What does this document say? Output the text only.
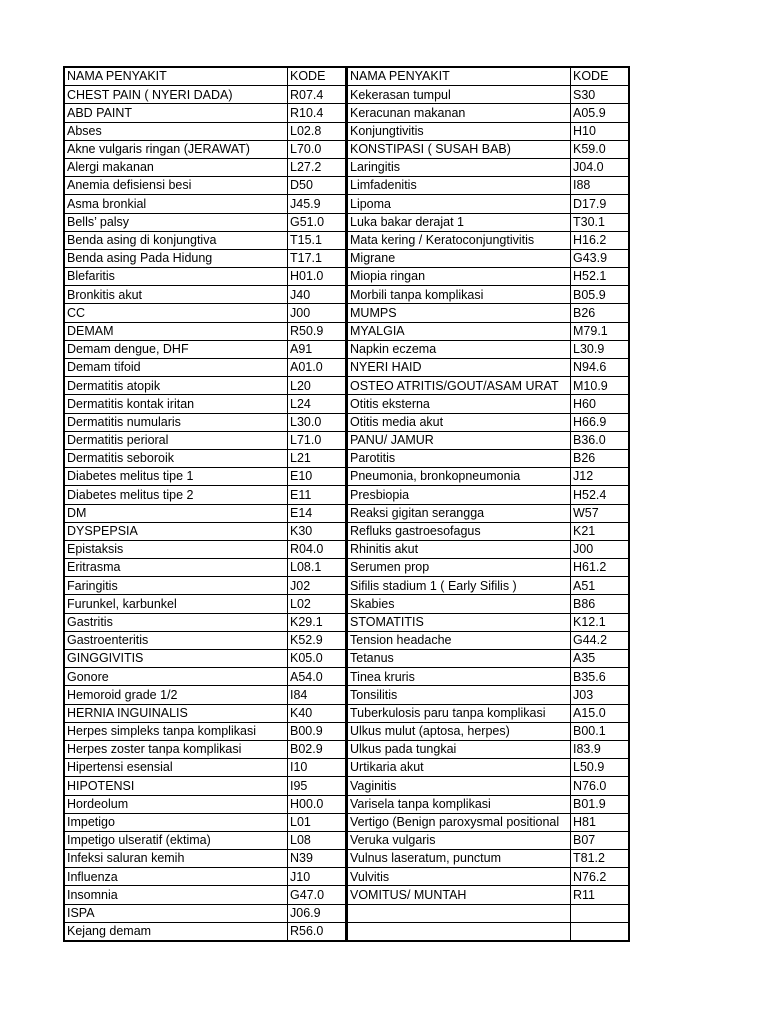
NAMA PENYAKIT	KODE
CHEST PAIN ( NYERI DADA)	R07.4
ABD PAINT	R10.4
Abses	L02.8
Akne vulgaris ringan (JERAWAT)	L70.0
Alergi makanan	L27.2
Anemia defisiensi besi	D50
Asma bronkial	J45.9
Bells’ palsy	G51.0
Benda asing di konjungtiva	T15.1
Benda asing Pada Hidung	T17.1
Blefaritis	H01.0
Bronkitis akut	J40
CC	J00
DEMAM	R50.9
Demam dengue, DHF	A91
Demam tifoid	A01.0
Dermatitis atopik	L20
Dermatitis kontak iritan	L24
Dermatitis numularis	L30.0
Dermatitis perioral	L71.0
Dermatitis seboroik	L21
Diabetes melitus tipe 1	E10
Diabetes melitus tipe 2	E11
DM	E14
DYSPEPSIA	K30
Epistaksis	R04.0
Eritrasma	L08.1
Faringitis	J02
Furunkel, karbunkel	L02
Gastritis	K29.1
Gastroenteritis	K52.9
GINGGIVITIS	K05.0
Gonore	A54.0
Hemoroid grade 1/2	I84
HERNIA INGUINALIS	K40
Herpes simpleks tanpa komplikasi	B00.9
Herpes zoster tanpa komplikasi	B02.9
Hipertensi esensial	I10
HIPOTENSI	I95
Hordeolum	H00.0
Impetigo	L01
Impetigo ulseratif (ektima)	L08
Infeksi saluran kemih	N39
Influenza	J10
Insomnia	G47.0
ISPA	J06.9
Kejang demam	R56.0
NAMA PENYAKIT	KODE
Kekerasan tumpul	S30
Keracunan makanan	A05.9
Konjungtivitis	H10
KONSTIPASI ( SUSAH BAB)	K59.0
Laringitis	J04.0
Limfadenitis	I88
Lipoma	D17.9
Luka bakar derajat 1	T30.1
Mata kering / Keratoconjungtivitis	H16.2
Migrane	G43.9
Miopia ringan	H52.1
Morbili tanpa komplikasi	B05.9
MUMPS	B26
MYALGIA	M79.1
Napkin eczema	L30.9
NYERI HAID	N94.6
OSTEO ATRITIS/GOUT/ASAM URAT	M10.9
Otitis eksterna	H60
Otitis media akut	H66.9
PANU/ JAMUR	B36.0
Parotitis	B26
Pneumonia, bronkopneumonia	J12
Presbiopia	H52.4
Reaksi gigitan serangga	W57
Refluks gastroesofagus	K21
Rhinitis akut	J00
Serumen prop	H61.2
Sifilis stadium 1 ( Early Sifilis )	A51
Skabies	B86
STOMATITIS	K12.1
Tension headache	G44.2
Tetanus	A35
Tinea kruris	B35.6
Tonsilitis	J03
Tuberkulosis paru tanpa komplikasi	A15.0
Ulkus mulut (aptosa, herpes)	B00.1
Ulkus pada tungkai	I83.9
Urtikaria akut	L50.9
Vaginitis	N76.0
Varisela tanpa komplikasi	B01.9
Vertigo (Benign paroxysmal positional	H81
Veruka vulgaris	B07
Vulnus laseratum, punctum	T81.2
Vulvitis	N76.2
VOMITUS/ MUNTAH	R11
